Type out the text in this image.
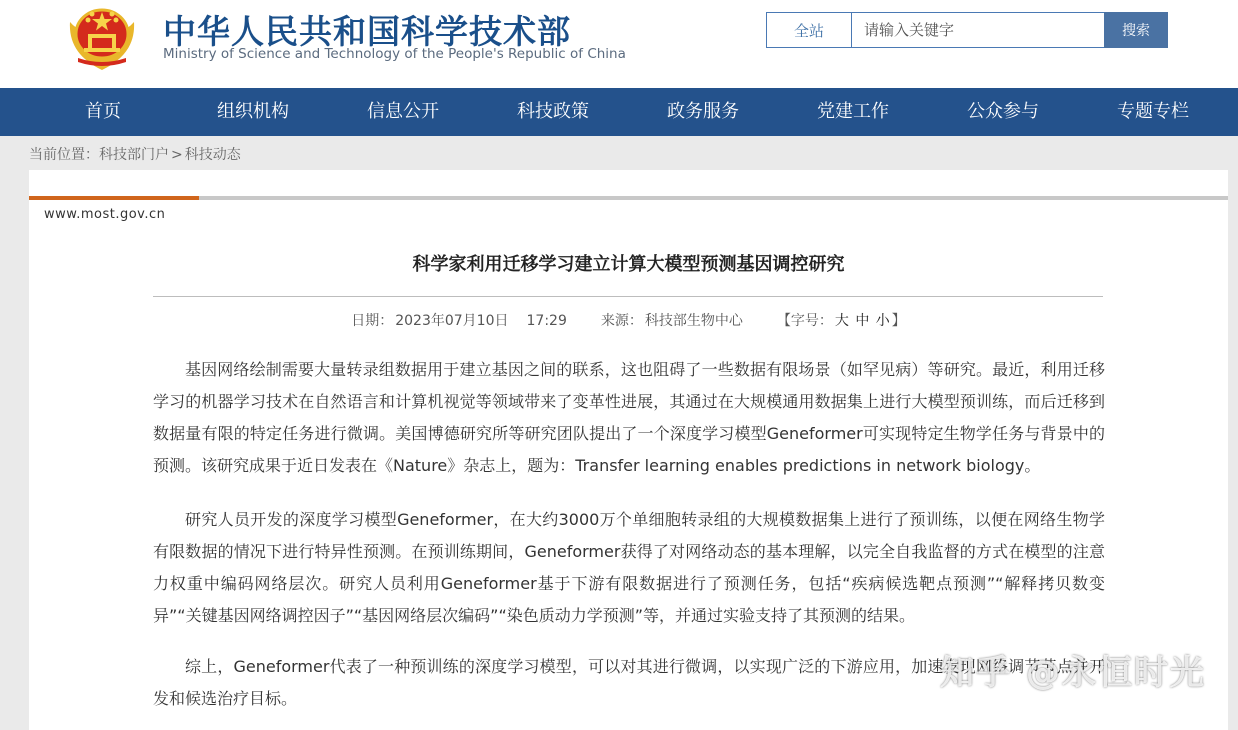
中华人民共和国科学技术部
Ministry of Science and Technology of the People's Republic of China
全站
请输入关键字	搜索
首页	组织机构	信息公开	科技政策	政务服务	党建工作	公众参与	专题专栏
当前位置：科技部门户 > 科技动态
www.most.gov.cn
科学家利用迁移学习建立计算大模型预测基因调控研究
日期： 2023年07月10日 17:29 来源： 科技部生物中心 【字号： 大 中 小 】
基因网络绘制需要大量转录组数据用于建立基因之间的联系，这也阻碍了一些数据有限场景（如罕见病）等研究。最近，利用迁移学习的机器学习技术在自然语言和计算机视觉等领域带来了变革性进展，其通过在大规模通用数据集上进行大模型预训练，而后迁移到数据量有限的特定任务进行微调。美国博德研究所等研究团队提出了一个深度学习模型Geneformer可实现特定生物学任务与背景中的预测。该研究成果于近日发表在《Nature》杂志上，题为：Transfer learning enables predictions in network biology。
研究人员开发的深度学习模型Geneformer，在大约3000万个单细胞转录组的大规模数据集上进行了预训练，以便在网络生物学有限数据的情况下进行特异性预测。在预训练期间，Geneformer获得了对网络动态的基本理解，以完全自我监督的方式在模型的注意力权重中编码网络层次。研究人员利用Geneformer基于下游有限数据进行了预测任务，包括“疾病候选靶点预测”“解释拷贝数变异”“关键基因网络调控因子”“基因网络层次编码”“染色质动力学预测”等，并通过实验支持了其预测的结果。
综上，Geneformer代表了一种预训练的深度学习模型，可以对其进行微调，以实现广泛的下游应用，加速发现网络调节节点并开发和候选治疗目标。
知乎 @永恒时光
